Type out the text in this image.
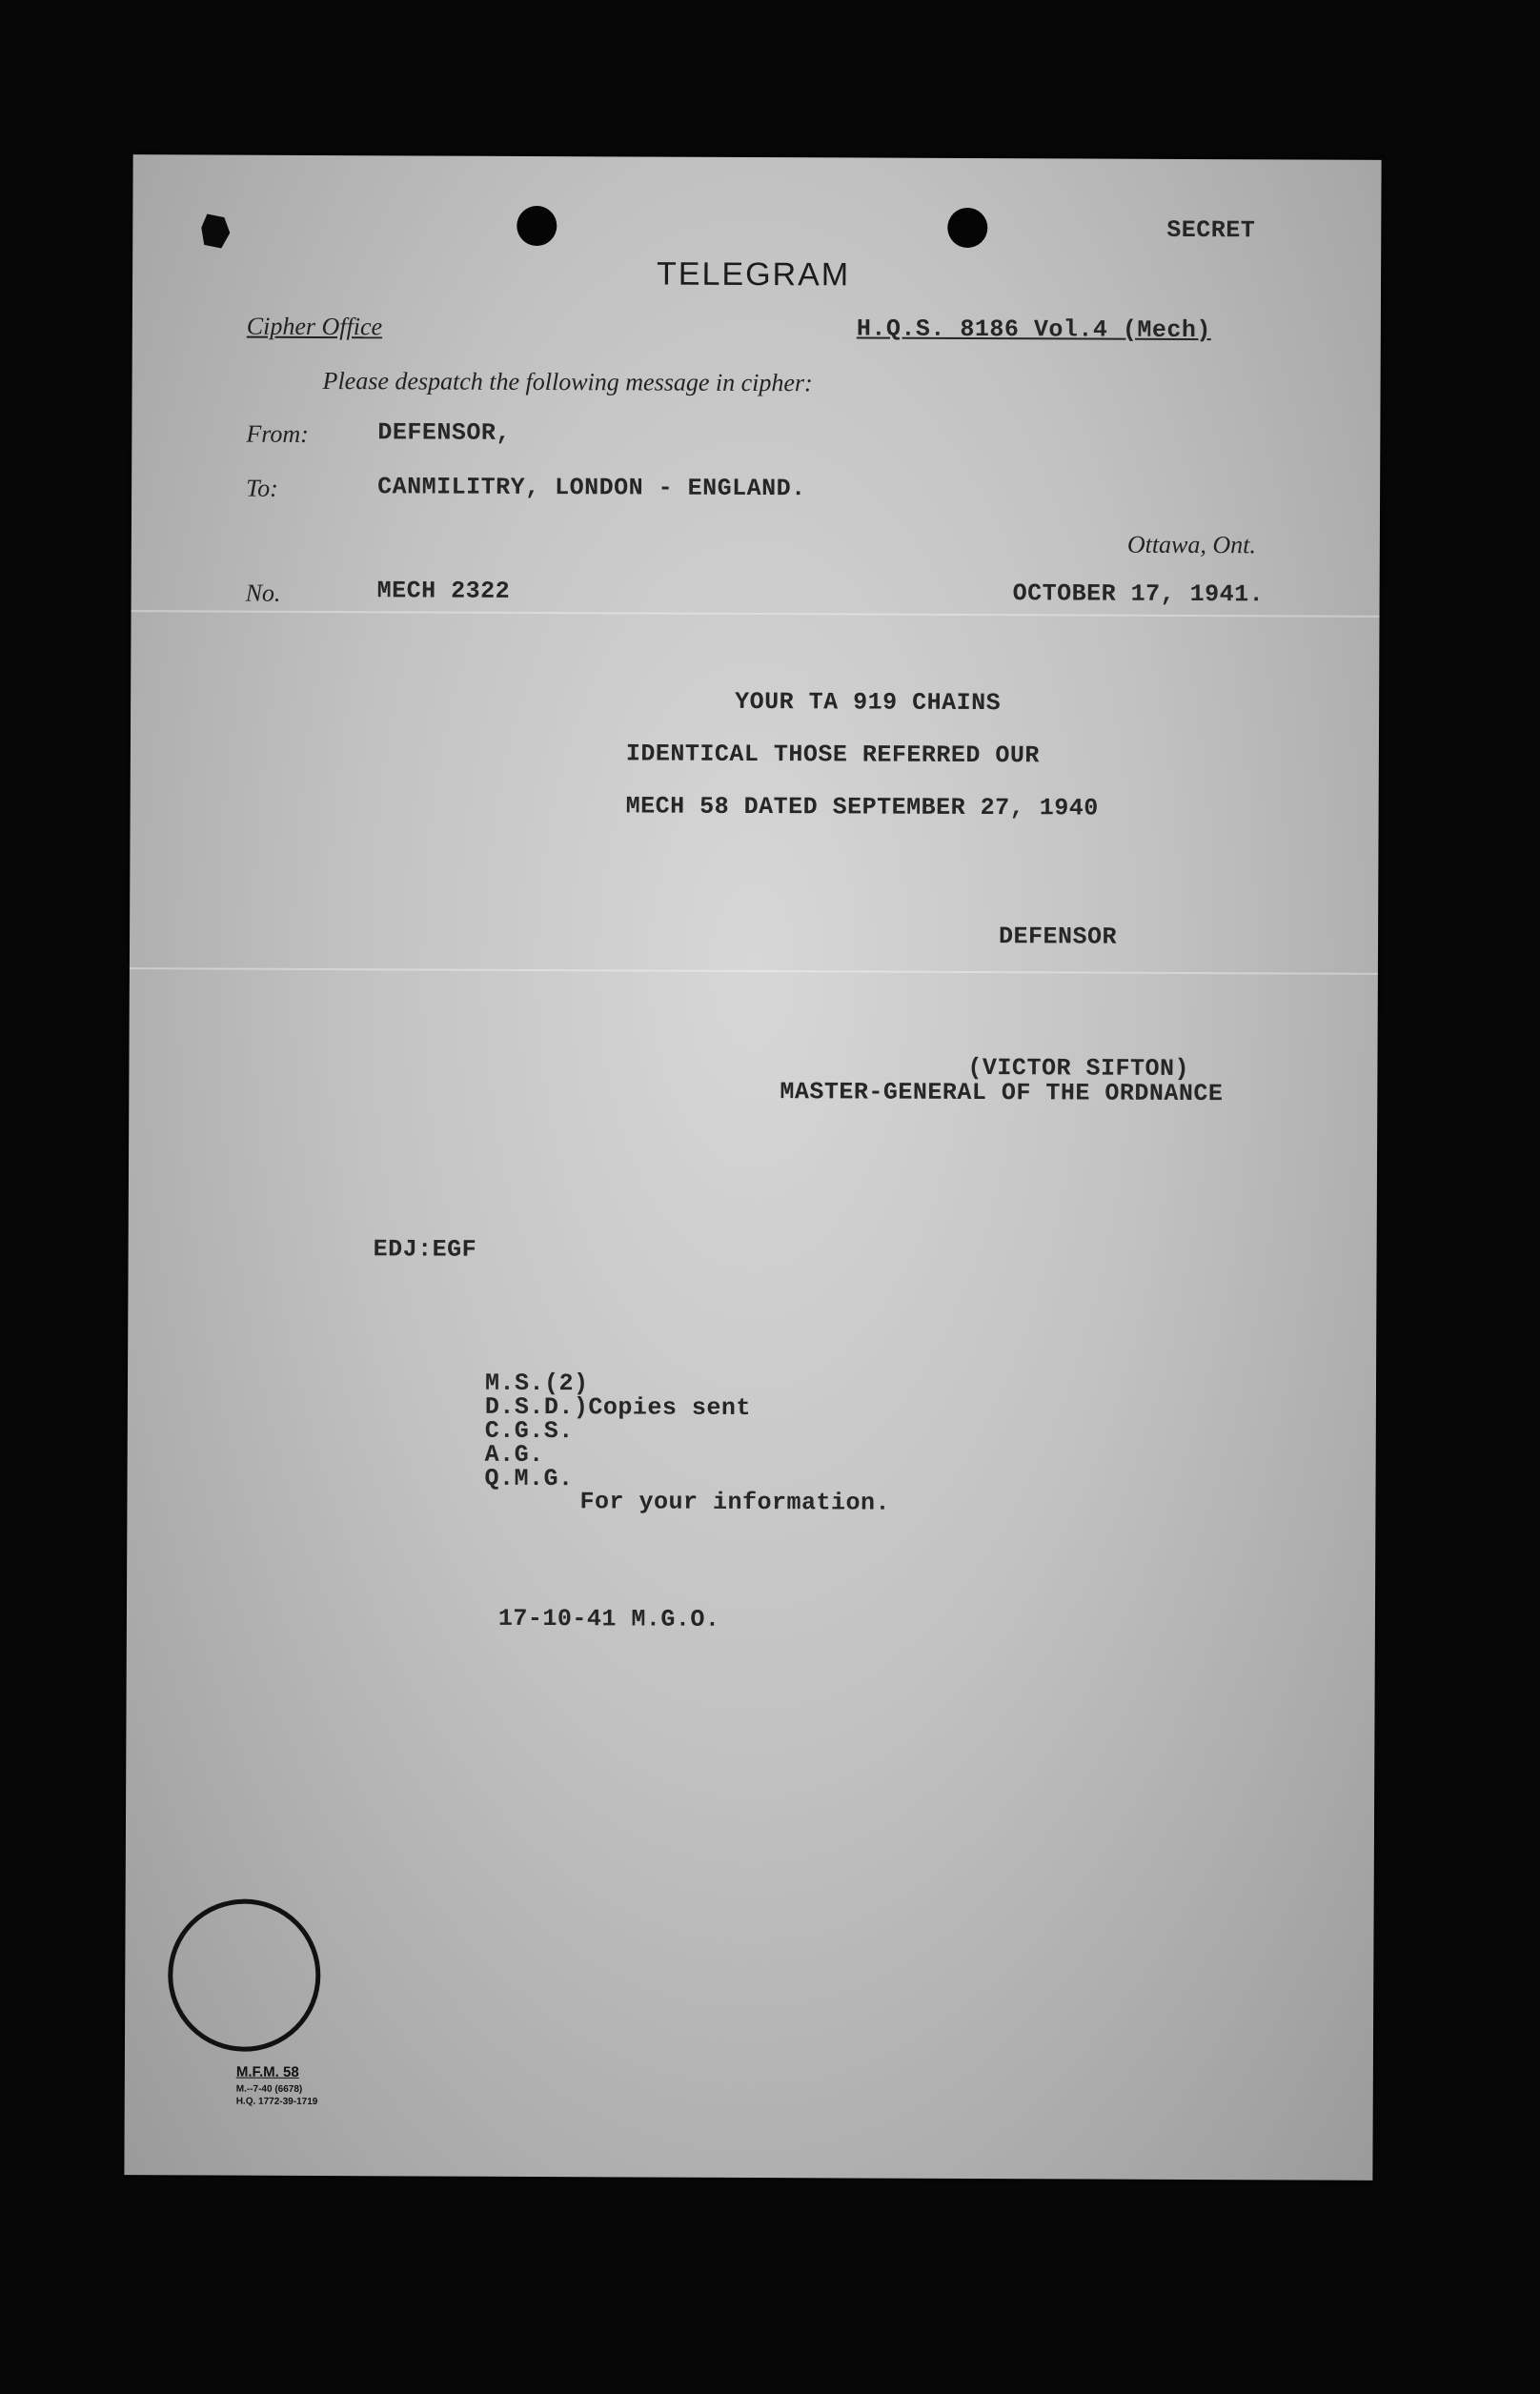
SECRET
TELEGRAM
Cipher Office	H.Q.S. 8186 Vol.4 (Mech)
Please despatch the following message in cipher:
From:	DEFENSOR,
To:	CANMILITRY, LONDON - ENGLAND.
Ottawa, Ont.
No.	MECH 2322	OCTOBER 17, 1941.
YOUR TA 919 CHAINS
IDENTICAL THOSE REFERRED OUR
MECH 58 DATED SEPTEMBER 27, 1940
DEFENSOR
(VICTOR SIFTON)
MASTER-GENERAL OF THE ORDNANCE
EDJ:EGF
M.S.(2)
D.S.D.)Copies sent
C.G.S.
A.G.
Q.M.G.
For your information.
17-10-41 M.G.O.
M.F.M. 58
M.--7-40 (6678)
H.Q. 1772-39-1719
